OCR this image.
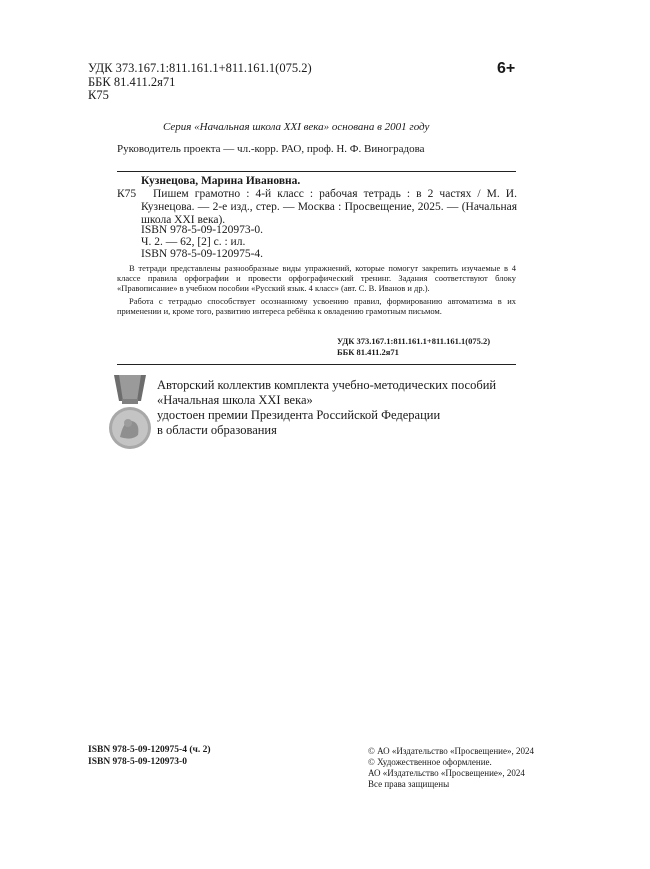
УДК 373.167.1:811.161.1+811.161.1(075.2)
ББК 81.411.2я71
К75
6+
Серия «Начальная школа XXI века» основана в 2001 году
Руководитель проекта — чл.-корр. РАО, проф. Н. Ф. Виноградова
Кузнецова, Марина Ивановна.
К75	Пишем грамотно : 4-й класс : рабочая тетрадь : в 2 частях / М. И. Кузнецова. — 2-е изд., стер. — Москва : Просвещение, 2025. — (Начальная школа XXI века).

ISBN 978-5-09-120973-0.
Ч. 2. — 62, [2] с. : ил.
ISBN 978-5-09-120975-4.

В тетради представлены разнообразные виды упражнений, которые помогут закрепить изучаемые в 4 классе правила орфографии и провести орфографический тренинг. Задания соответствуют блоку «Правописание» в учебном пособии «Русский язык. 4 класс» (авт. С. В. Иванов и др.).

Работа с тетрадью способствует осознанному усвоению правил, формированию автоматизма в их применении и, кроме того, развитию интереса ребёнка к овладению грамотным письмом.

УДК 373.167.1:811.161.1+811.161.1(075.2)
ББК 81.411.2я71
Авторский коллектив комплекта учебно-методических пособий
«Начальная школа XXI века»
удостоен премии Президента Российской Федерации
в области образования
ISBN 978-5-09-120975-4 (ч. 2)
ISBN 978-5-09-120973-0
© АО «Издательство «Просвещение», 2024
© Художественное оформление.
АО «Издательство «Просвещение», 2024
Все права защищены
